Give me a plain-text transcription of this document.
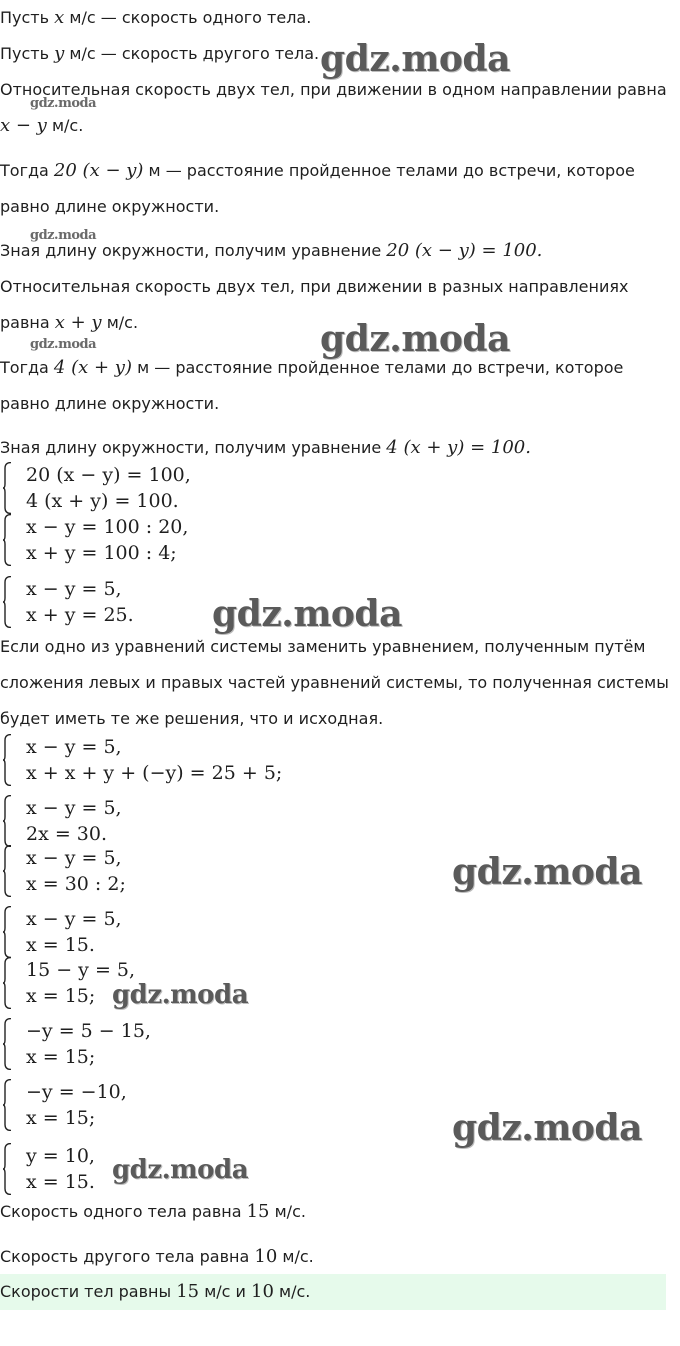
Пусть x м/с — скорость одного тела.
Пусть y м/с — скорость другого тела.
Относительная скорость двух тел, при движении в одном направлении равна
x − y м/с.
Тогда 20 (x − y) м — расстояние пройденное телами до встречи, которое
равно длине окружности.
Зная длину окружности, получим уравнение 20 (x − y) = 100.
Относительная скорость двух тел, при движении в разных направлениях
равна x + y м/с.
Тогда 4 (x + y) м — расстояние пройденное телами до встречи, которое
равно длине окружности.
Зная длину окружности, получим уравнение 4 (x + y) = 100.
20 (x − y) = 100,
4 (x + y) = 100.
x − y = 100 : 20,
x + y = 100 : 4;
x − y = 5,
x + y = 25.
Если одно из уравнений системы заменить уравнением, полученным путём
сложения левых и правых частей уравнений системы, то полученная системы
будет иметь те же решения, что и исходная.
x − y = 5,
x + x + y + (−y) = 25 + 5;
x − y = 5,
2x = 30.
x − y = 5,
x = 30 : 2;
x − y = 5,
x = 15.
15 − y = 5,
x = 15;
−y = 5 − 15,
x = 15;
−y = −10,
x = 15;
y = 10,
x = 15.
Скорость одного тела равна 15 м/с.
Скорость другого тела равна 10 м/с.
Скорости тел равны 15 м/с и 10 м/с.
gdz.moda
gdz.moda
gdz.moda
gdz.moda
gdz.moda
gdz.moda
gdz.moda
gdz.moda
gdz.moda
gdz.moda
